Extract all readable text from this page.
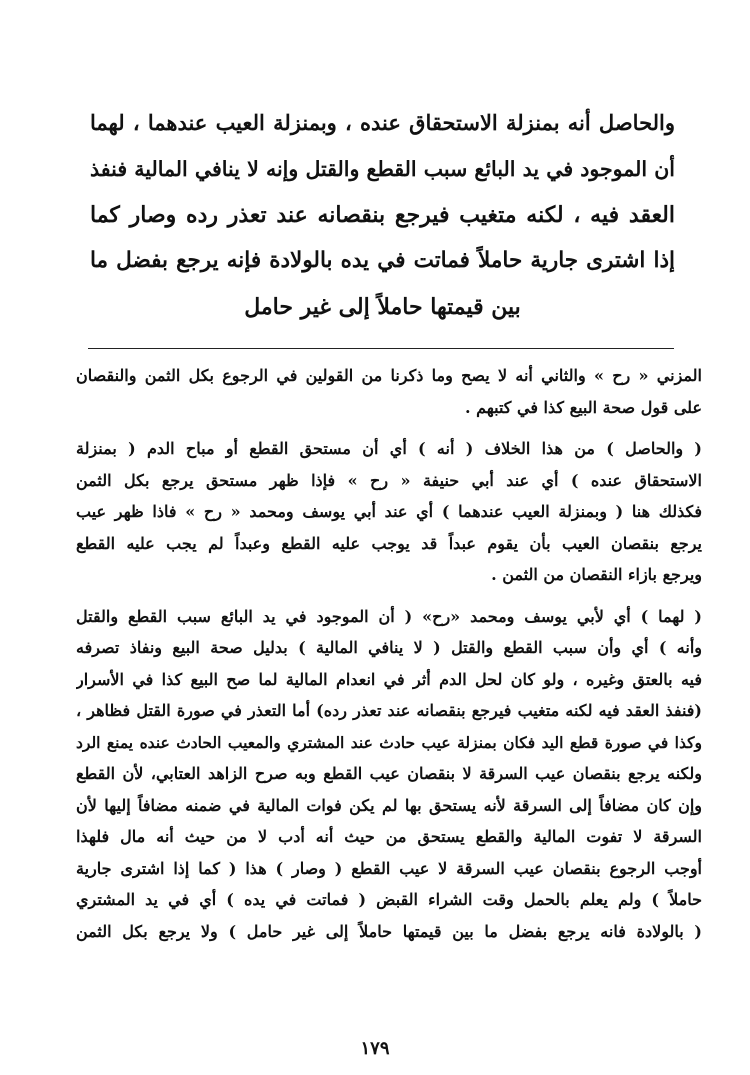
والحاصل أنه بمنزلة الاستحقاق عنده ، وبمنزلة العيب عندهما ، لهما
أن الموجود في يد البائع سبب القطع والقتل وإنه لا ينافي المالية فنفذ
العقد فيه ، لكنه متغيب فيرجع بنقصانه عند تعذر رده وصار كما
إذا اشترى جارية حاملاً فماتت في يده بالولادة فإنه يرجع بفضل ما
بين قيمتها حاملاً إلى غير حامل
المزني « رح » والثاني أنه لا يصح وما ذكرنا من القولين في الرجوع بكل الثمن والنقصان
على قول صحة البيع كذا في كتبهم .
( والحاصل ) من هذا الخلاف ( أنه ) أي أن مستحق القطع أو مباح الدم ( بمنزلة
الاستحقاق عنده ) أي عند أبي حنيفة « رح » فإذا ظهر مستحق يرجع بكل الثمن
فكذلك هنا ( وبمنزلة العيب عندهما ) أي عند أبي يوسف ومحمد « رح » فاذا ظهر عيب
يرجع بنقصان العيب بأن يقوم عبداً قد يوجب عليه القطع وعبداً لم يجب عليه القطع
ويرجع بازاء النقصان من الثمن .
( لهما ) أي لأبي يوسف ومحمد «رح» ( أن الموجود في يد البائع سبب القطع والقتل
وأنه ) أي وأن سبب القطع والقتل ( لا ينافي المالية ) بدليل صحة البيع ونفاذ تصرفه
فيه بالعتق وغيره ، ولو كان لحل الدم أثر في انعدام المالية لما صح البيع كذا في الأسرار
(فنفذ العقد فيه لكنه متغيب فيرجع بنقصانه عند تعذر رده) أما التعذر في صورة القتل فظاهر ،
وكذا في صورة قطع اليد فكان بمنزلة عيب حادث عند المشتري والمعيب الحادث عنده يمنع الرد
ولكنه يرجع بنقصان عيب السرقة لا بنقصان عيب القطع وبه صرح الزاهد العتابي، لأن القطع
وإن كان مضافاً إلى السرقة لأنه يستحق بها لم يكن فوات المالية في ضمنه مضافاً إليها لأن
السرقة لا تفوت المالية والقطع يستحق من حيث أنه أدب لا من حيث أنه مال فلهذا
أوجب الرجوع بنقصان عيب السرقة لا عيب القطع ( وصار ) هذا ( كما إذا اشترى جارية
حاملاً ) ولم يعلم بالحمل وقت الشراء القبض ( فماتت في يده ) أي في يد المشتري
( بالولادة فانه يرجع بفضل ما بين قيمتها حاملاً إلى غير حامل ) ولا يرجع بكل الثمن
١٧٩
